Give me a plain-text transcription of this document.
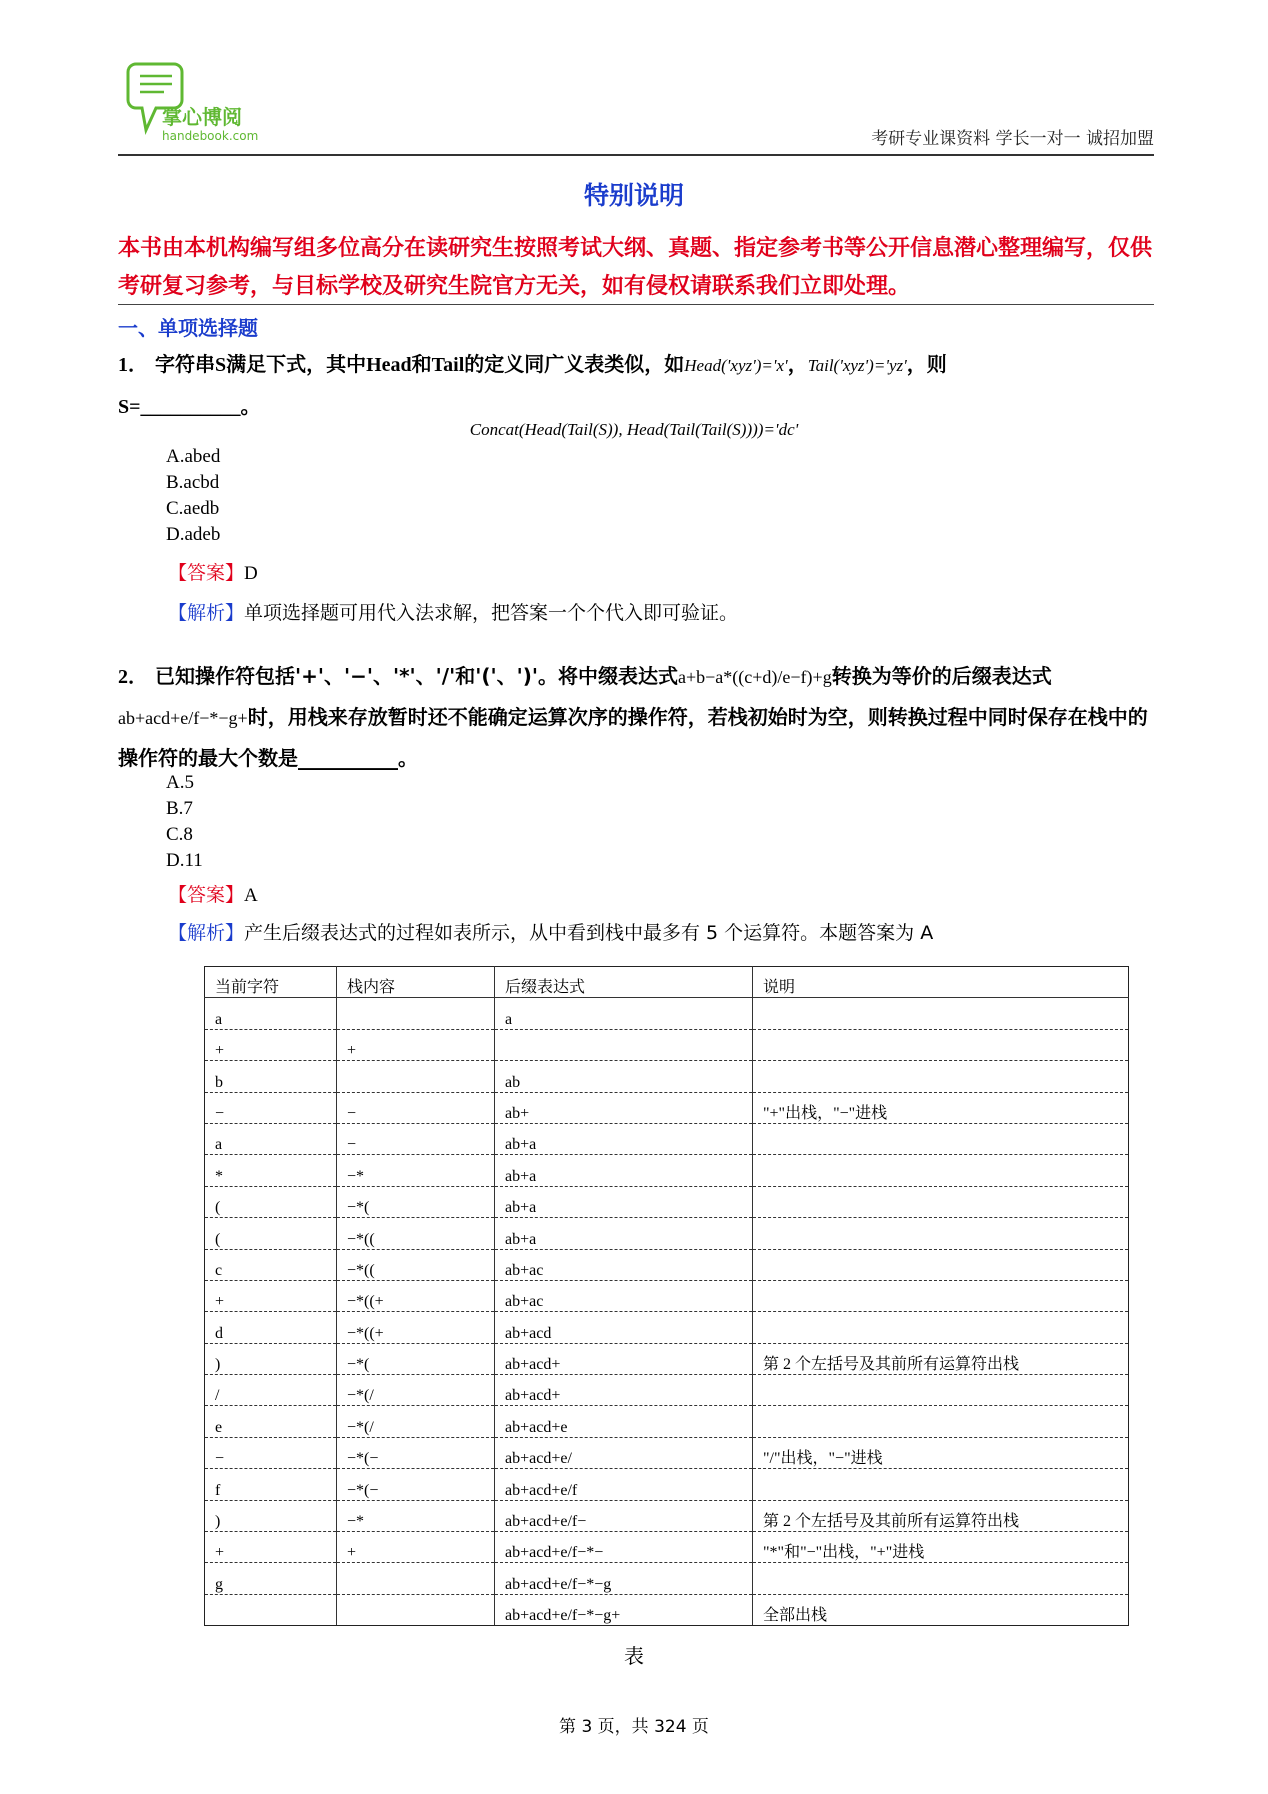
掌心博阅
handebook.com	考研专业课资料 学长一对一 诚招加盟
特别说明
本书由本机构编写组多位高分在读研究生按照考试大纲、真题、指定参考书等公开信息潜心整理编写，仅供考研复习参考，与目标学校及研究生院官方无关，如有侵权请联系我们立即处理。
一、单项选择题
1． 字符串S满足下式，其中Head和Tail的定义同广义表类似，如Head('xyz')='x'，Tail('xyz')='yz'，则
S=__________。
Concat(Head(Tail(S)), Head(Tail(Tail(S))))='dc'
A.abed
B.acbd
C.aedb
D.adeb
【答案】D
【解析】单项选择题可用代入法求解，把答案一个个代入即可验证。
2． 已知操作符包括'+'、'−'、'*'、'/'和'('、')'。将中缀表达式a+b−a*((c+d)/e−f)+g转换为等价的后缀表达式 ab+acd+e/f−*−g+时，用栈来存放暂时还不能确定运算次序的操作符，若栈初始时为空，则转换过程中同时保存在栈中的操作符的最大个数是__________。
A.5
B.7
C.8
D.11
【答案】A
【解析】产生后缀表达式的过程如表所示，从中看到栈中最多有 5 个运算符。本题答案为 A
当前字符	栈内容	后缀表达式	说明
a		a	
+	+		
b		ab	
−	−	ab+	"+"出栈，"−"进栈
a	−	ab+a	
*	−*	ab+a	
(	−*(	ab+a	
(	−*((	ab+a	
c	−*((	ab+ac	
+	−*((+	ab+ac	
d	−*((+	ab+acd	
)	−*(	ab+acd+	第 2 个左括号及其前所有运算符出栈
/	−*(/	ab+acd+	
e	−*(/	ab+acd+e	
−	−*(−	ab+acd+e/	"/"出栈，"−"进栈
f	−*(−	ab+acd+e/f	
)	−*	ab+acd+e/f−	第 2 个左括号及其前所有运算符出栈
+	+	ab+acd+e/f−*−	"*"和"−"出栈，"+"进栈
g		ab+acd+e/f−*−g	
		ab+acd+e/f−*−g+	全部出栈
表
第 3 页，共 324 页
